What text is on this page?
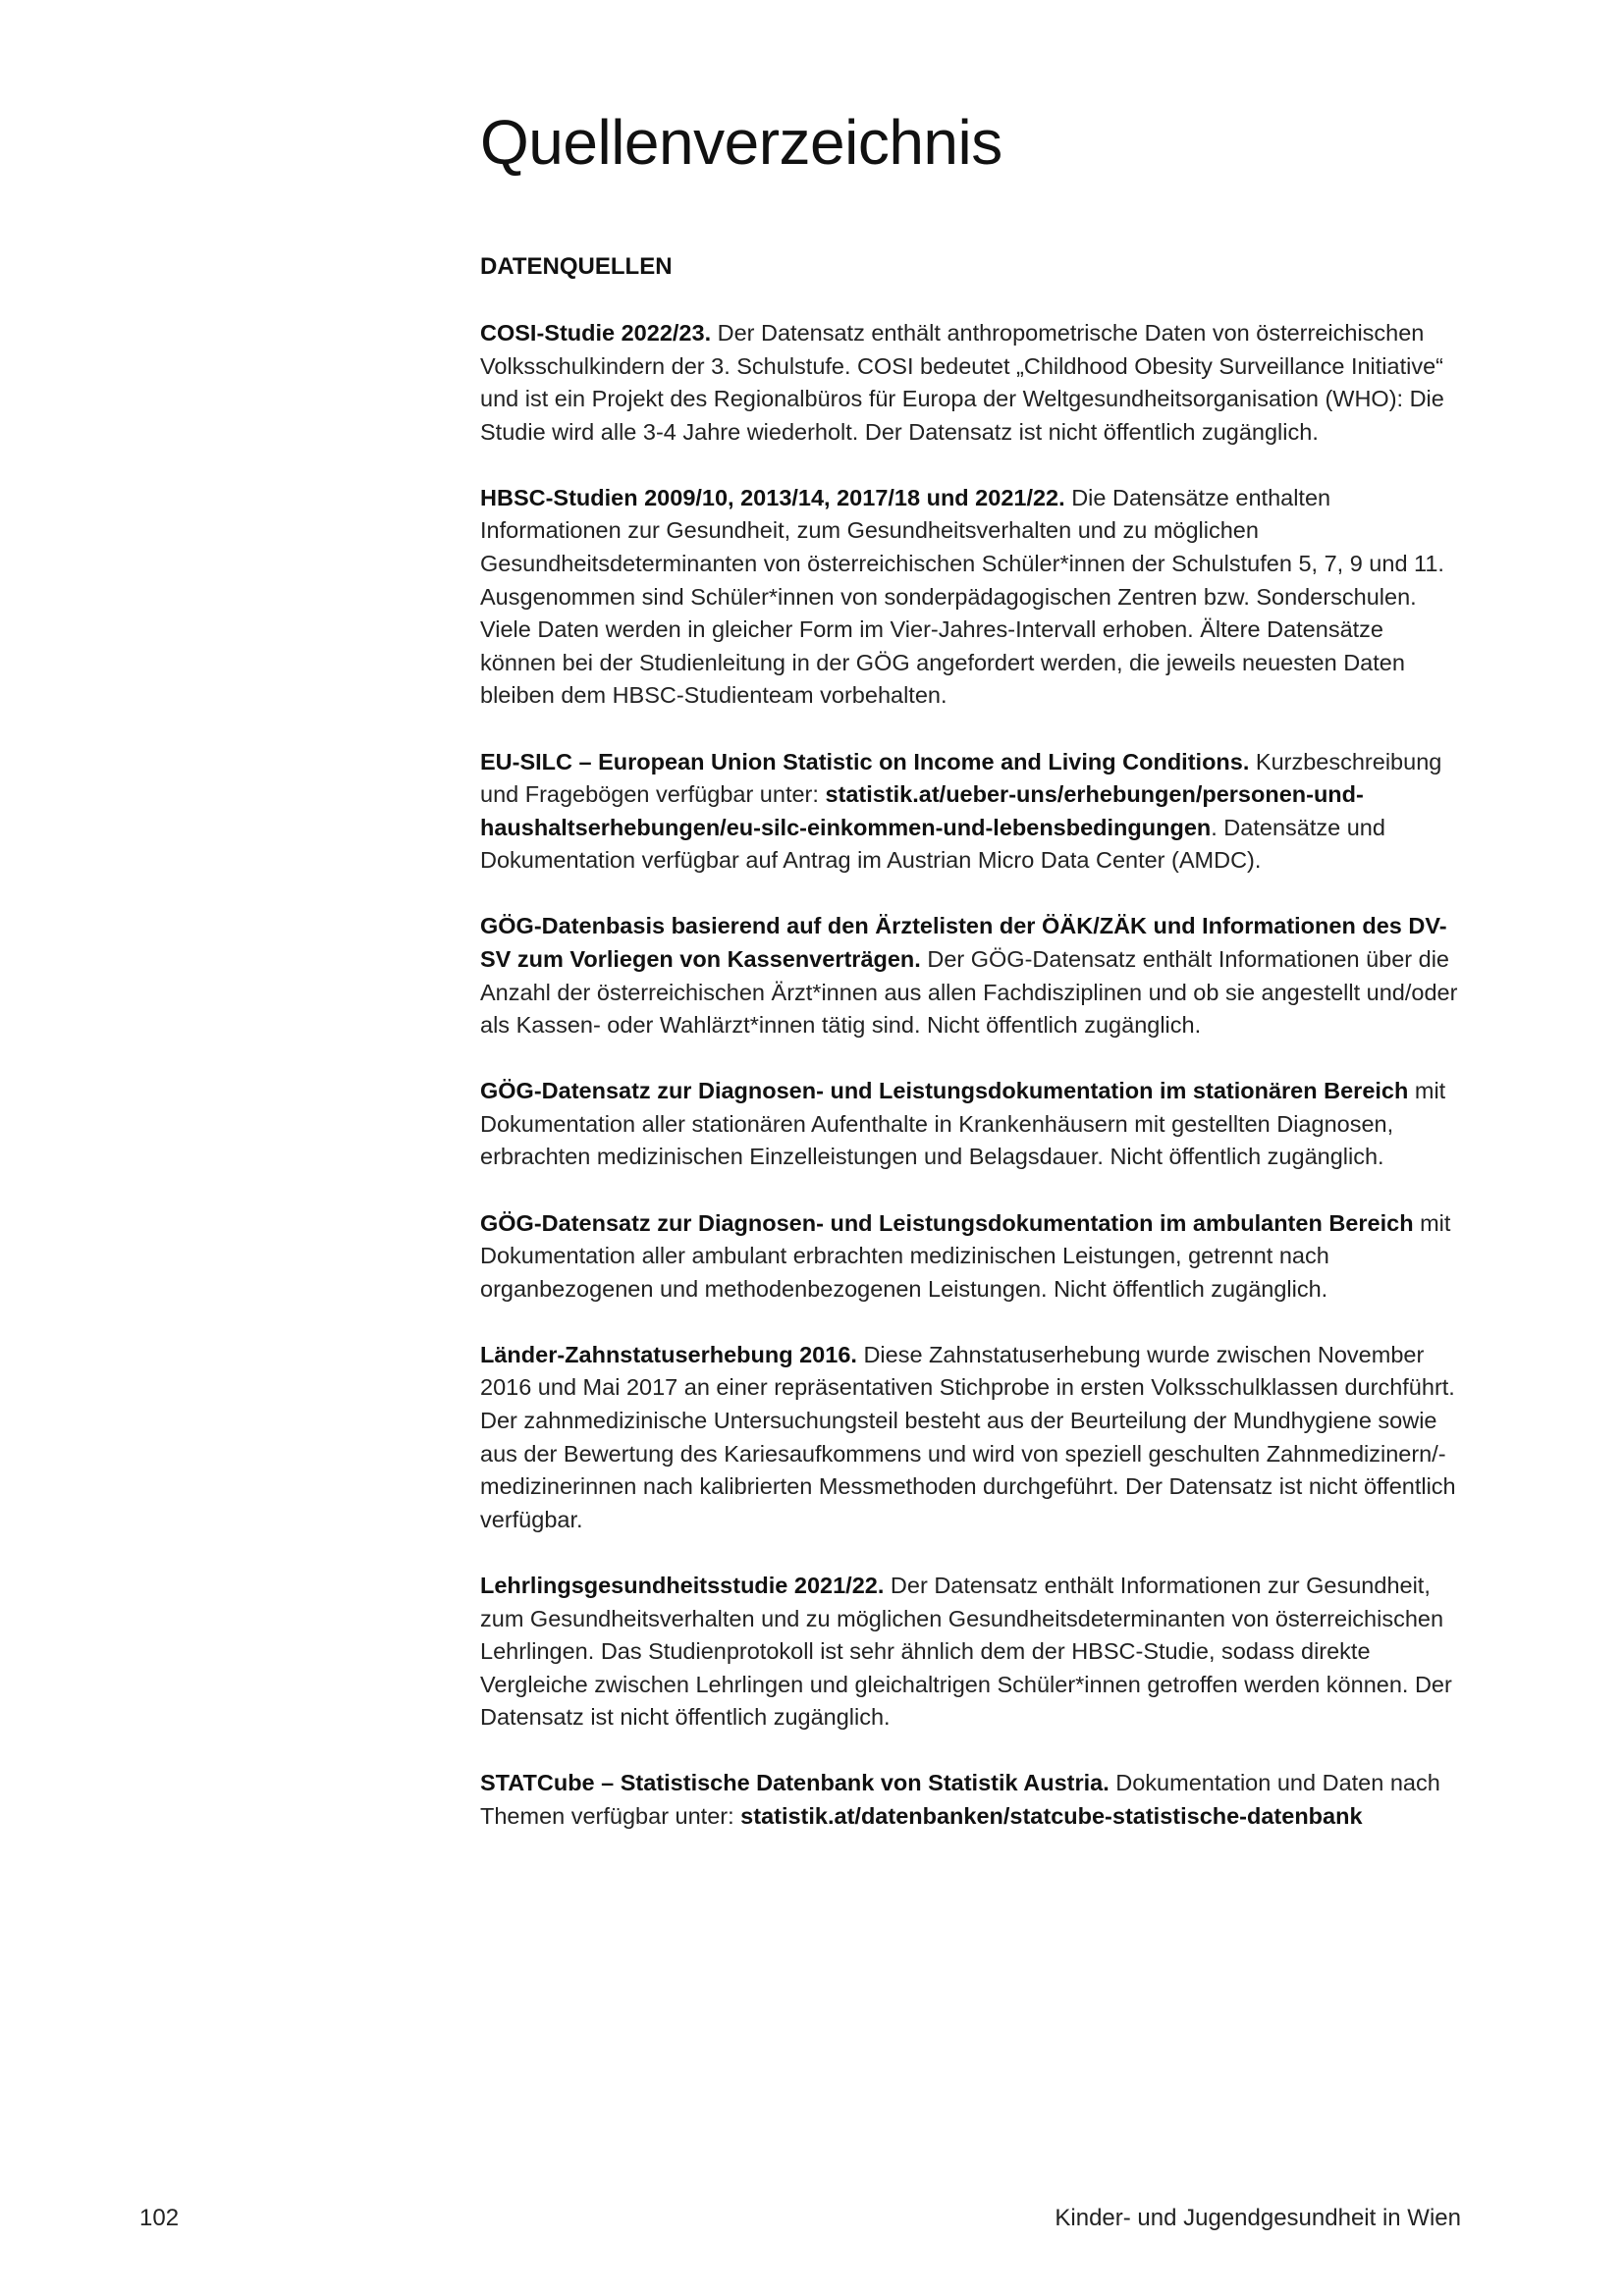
Quellenverzeichnis
DATENQUELLEN

COSI-Studie 2022/23. Der Datensatz enthält anthropometrische Daten von österreichischen Volksschulkindern der 3. Schulstufe. COSI bedeutet „Childhood Obesity Surveillance Initiative“ und ist ein Projekt des Regionalbüros für Europa der Weltgesundheitsorganisation (WHO): Die Studie wird alle 3-4 Jahre wiederholt. Der Datensatz ist nicht öffentlich zugänglich.

HBSC-Studien 2009/10, 2013/14, 2017/18 und 2021/22. Die Datensätze enthalten Informationen zur Gesundheit, zum Gesundheitsverhalten und zu möglichen Gesundheitsdeterminanten von österreichischen Schüler*innen der Schulstufen 5, 7, 9 und 11. Ausgenommen sind Schüler*innen von sonderpädagogischen Zentren bzw. Sonderschulen. Viele Daten werden in gleicher Form im Vier-Jahres-Intervall erhoben. Ältere Datensätze können bei der Studienleitung in der GÖG angefordert werden, die jeweils neuesten Daten bleiben dem HBSC-Studienteam vorbehalten.

EU-SILC – European Union Statistic on Income and Living Conditions. Kurzbeschreibung und Fragebögen verfügbar unter: statistik.at/ueber-uns/erhebungen/personen-und-haushaltserhebungen/eu-silc-einkommen-und-lebensbedingungen. Datensätze und Dokumentation verfügbar auf Antrag im Austrian Micro Data Center (AMDC).

GÖG-Datenbasis basierend auf den Ärztelisten der ÖÄK/ZÄK und Informationen des DV-SV zum Vorliegen von Kassenverträgen. Der GÖG-Datensatz enthält Informationen über die Anzahl der österreichischen Ärzt*innen aus allen Fachdisziplinen und ob sie angestellt und/oder als Kassen- oder Wahlärzt*innen tätig sind. Nicht öffentlich zugänglich.

GÖG-Datensatz zur Diagnosen- und Leistungsdokumentation im stationären Bereich mit Dokumentation aller stationären Aufenthalte in Krankenhäusern mit gestellten Diagnosen, erbrachten medizinischen Einzelleistungen und Belagsdauer. Nicht öffentlich zugänglich.

GÖG-Datensatz zur Diagnosen- und Leistungsdokumentation im ambulanten Bereich mit Dokumentation aller ambulant erbrachten medizinischen Leistungen, getrennt nach organbezogenen und methodenbezogenen Leistungen. Nicht öffentlich zugänglich.

Länder-Zahnstatuserhebung 2016. Diese Zahnstatuserhebung wurde zwischen November 2016 und Mai 2017 an einer repräsentativen Stichprobe in ersten Volksschulklassen durchführt. Der zahnmedizinische Untersuchungsteil besteht aus der Beurteilung der Mundhygiene sowie aus der Bewertung des Kariesaufkommens und wird von speziell geschulten Zahnmedizinern/-medizinerinnen nach kalibrierten Messmethoden durchgeführt. Der Datensatz ist nicht öffentlich verfügbar.

Lehrlingsgesundheitsstudie 2021/22. Der Datensatz enthält Informationen zur Gesundheit, zum Gesundheitsverhalten und zu möglichen Gesundheitsdeterminanten von österreichischen Lehrlingen. Das Studienprotokoll ist sehr ähnlich dem der HBSC-Studie, sodass direkte Vergleiche zwischen Lehrlingen und gleichaltrigen Schüler*innen getroffen werden können. Der Datensatz ist nicht öffentlich zugänglich.

STATCube – Statistische Datenbank von Statistik Austria. Dokumentation und Daten nach Themen verfügbar unter: statistik.at/datenbanken/statcube-statistische-datenbank

102	Kinder- und Jugendgesundheit in Wien
